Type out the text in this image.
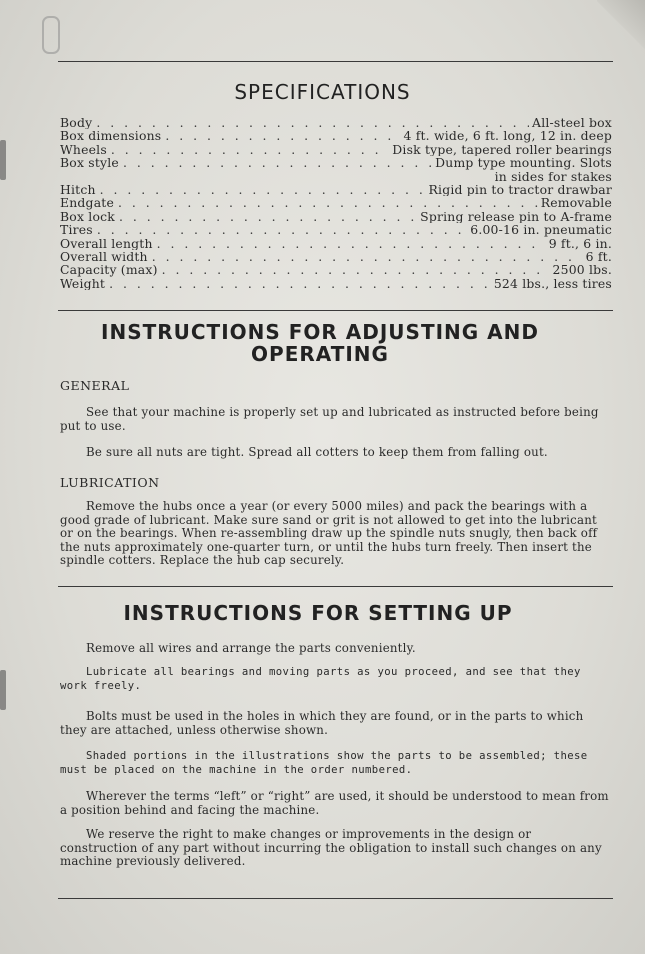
SPECIFICATIONS
Body . . .	All-steel box
Box dimensions . . .	4 ft. wide, 6 ft. long, 12 in. deep
Wheels . . .	Disk type, tapered roller bearings
Box style . . .	Dump type mounting. Slots
in sides for stakes
Hitch . . .	Rigid pin to tractor drawbar
Endgate . . .	Removable
Box lock . . .	Spring release pin to A-frame
Tires . . .	6.00-16 in. pneumatic
Overall length . . .	9 ft., 6 in.
Overall width . . .	6 ft.
Capacity (max) . . .	2500 lbs.
Weight . . .	524 lbs., less tires
INSTRUCTIONS FOR ADJUSTING AND OPERATING
GENERAL

See that your machine is properly set up and lubricated as instructed before being put to use.

Be sure all nuts are tight. Spread all cotters to keep them from falling out.

LUBRICATION

Remove the hubs once a year (or every 5000 miles) and pack the bearings with a good grade of lubricant. Make sure sand or grit is not allowed to get into the lubricant or on the bearings. When re-assembling draw up the spindle nuts snugly, then back off the nuts approximately one-quarter turn, or until the hubs turn freely. Then insert the spindle cotters. Replace the hub cap securely.

INSTRUCTIONS FOR SETTING UP

Remove all wires and arrange the parts conveniently.

Lubricate all bearings and moving parts as you proceed, and see that they work freely.

Bolts must be used in the holes in which they are found, or in the parts to which they are attached, unless otherwise shown.

Shaded portions in the illustrations show the parts to be assembled; these must be placed on the machine in the order numbered.

Wherever the terms “left” or “right” are used, it should be understood to mean from a position behind and facing the machine.

We reserve the right to make changes or improvements in the design or construction of any part without incurring the obligation to install such changes on any machine previously delivered.
